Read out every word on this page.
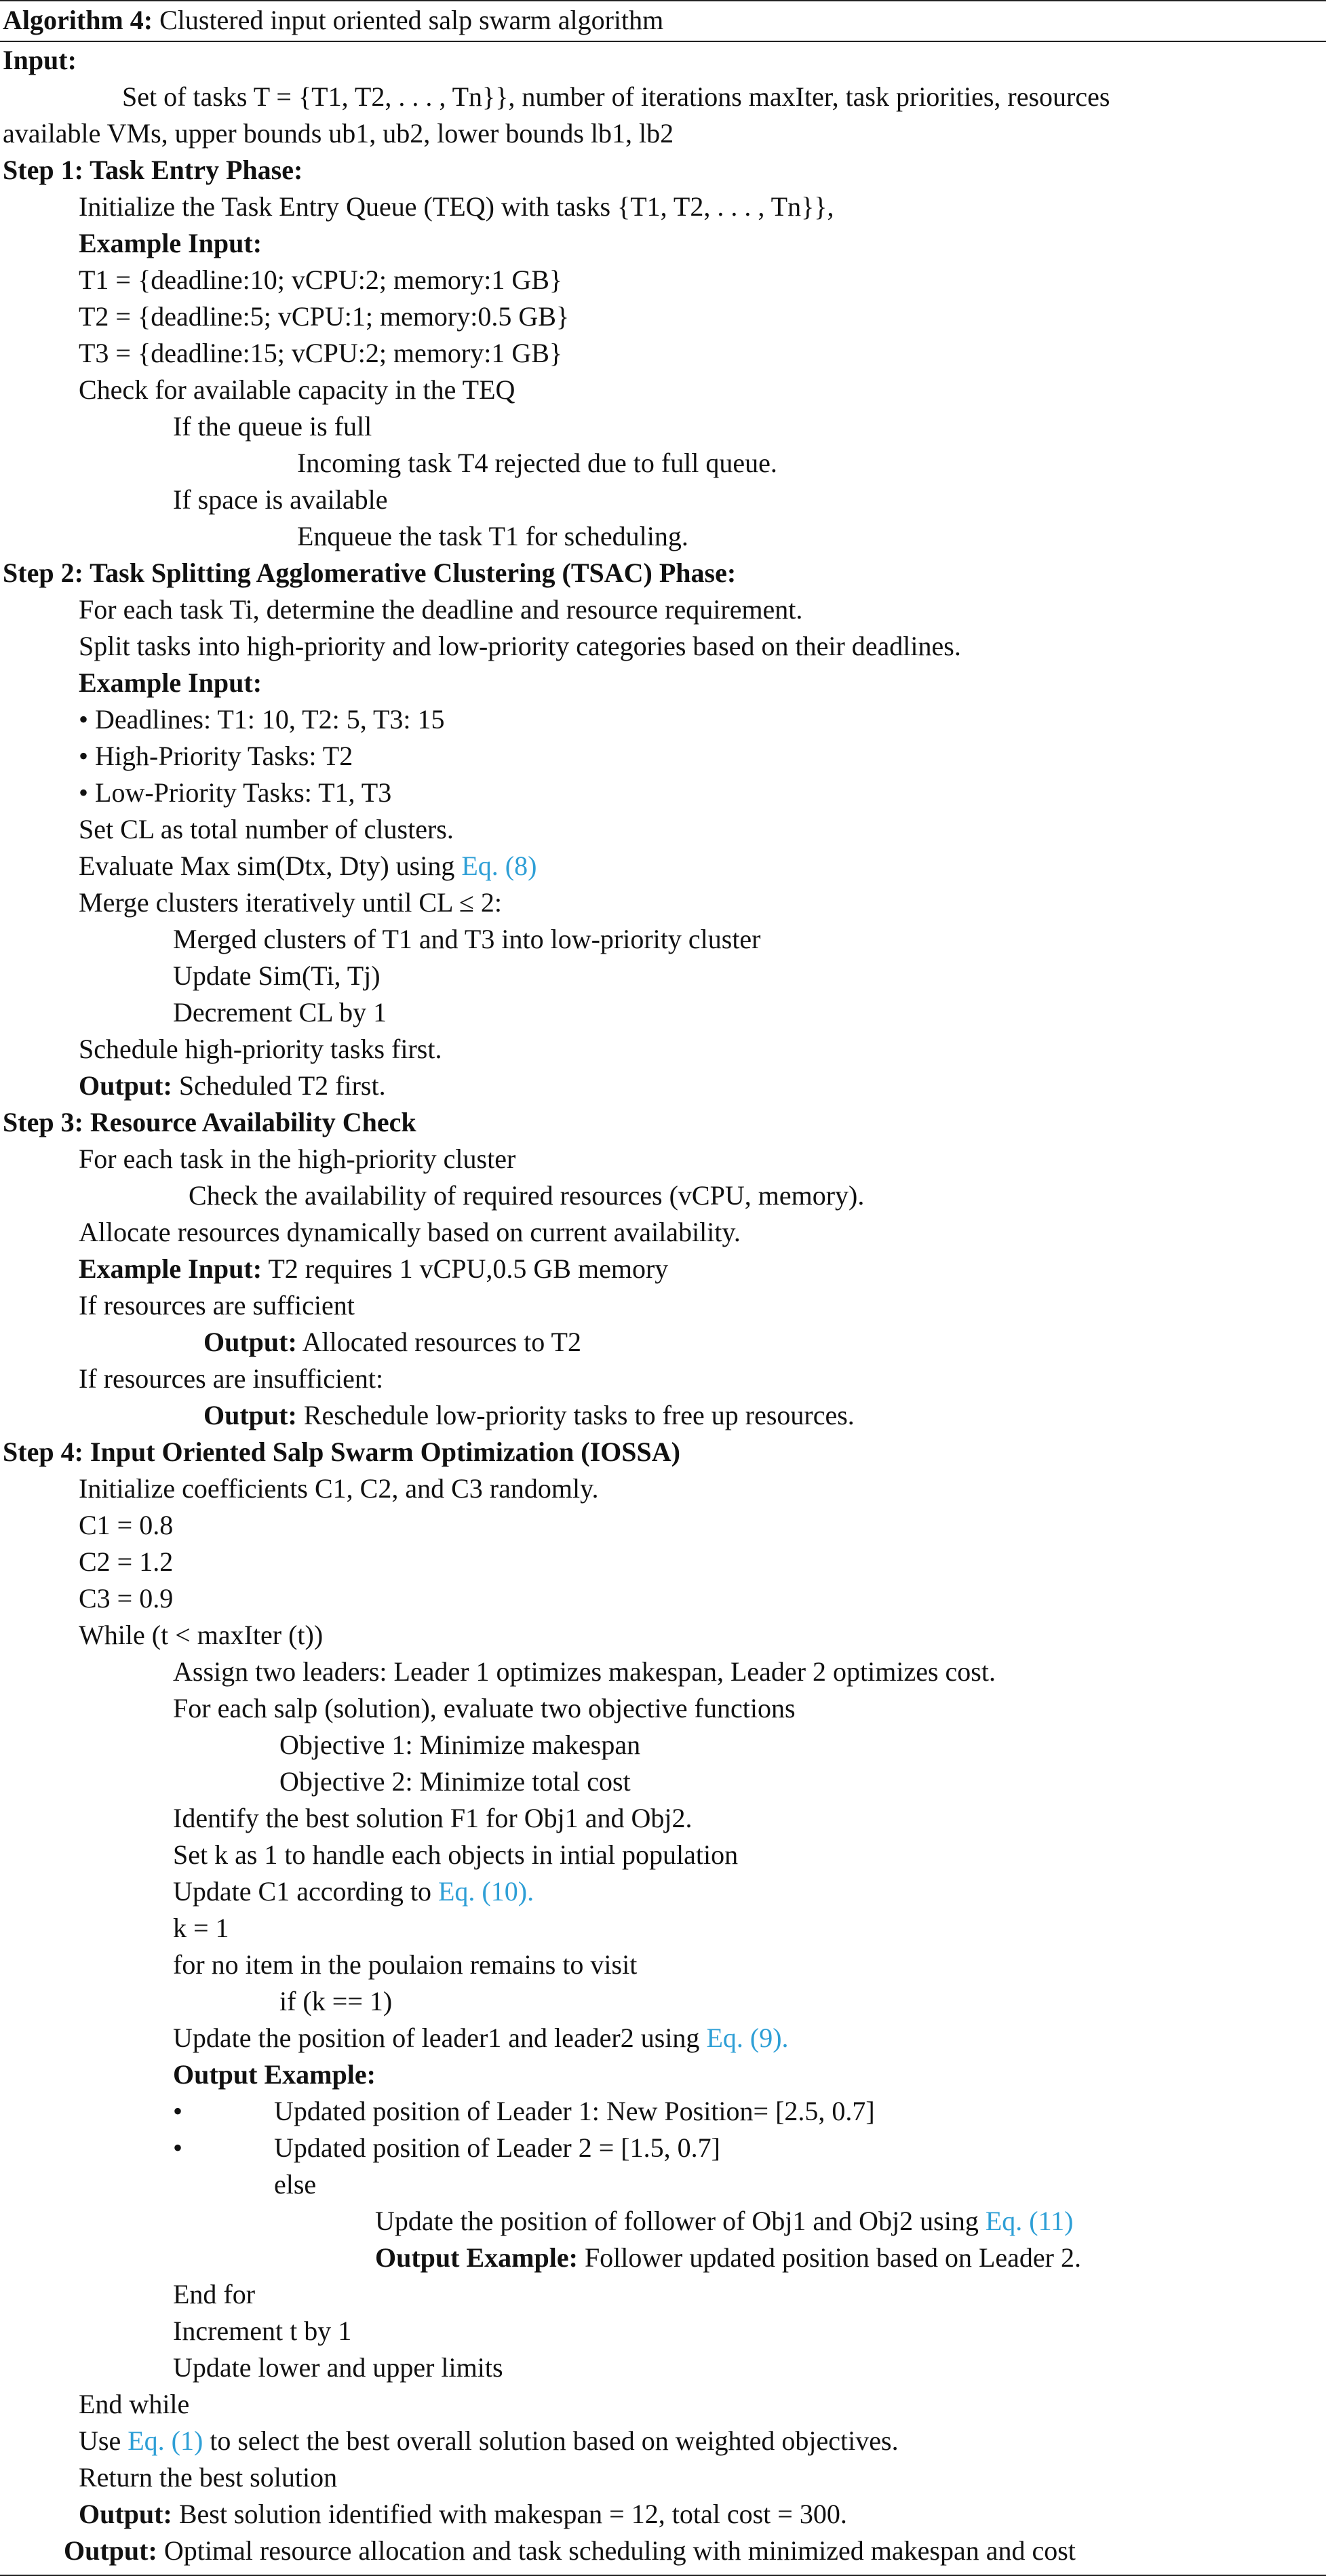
Algorithm 4: Clustered input oriented salp swarm algorithm
Input:
Set of tasks T = {T1, T2, . . . , Tn}}, number of iterations maxIter, task priorities, resources
available VMs, upper bounds ub1, ub2, lower bounds lb1, lb2
Step 1: Task Entry Phase:
Initialize the Task Entry Queue (TEQ) with tasks {T1, T2, . . . , Tn}},
Example Input:
T1 = {deadline:10; vCPU:2; memory:1 GB}
T2 = {deadline:5; vCPU:1; memory:0.5 GB}
T3 = {deadline:15; vCPU:2; memory:1 GB}
Check for available capacity in the TEQ
If the queue is full
Incoming task T4 rejected due to full queue.
If space is available
Enqueue the task T1 for scheduling.
Step 2: Task Splitting Agglomerative Clustering (TSAC) Phase:
For each task Ti, determine the deadline and resource requirement.
Split tasks into high-priority and low-priority categories based on their deadlines.
Example Input:
• Deadlines: T1: 10, T2: 5, T3: 15
• High-Priority Tasks: T2
• Low-Priority Tasks: T1, T3
Set CL as total number of clusters.
Evaluate Max sim(Dtx, Dty) using Eq. (8)
Merge clusters iteratively until CL ≤ 2:
Merged clusters of T1 and T3 into low-priority cluster
Update Sim(Ti, Tj)
Decrement CL by 1
Schedule high-priority tasks first.
Output: Scheduled T2 first.
Step 3: Resource Availability Check
For each task in the high-priority cluster
Check the availability of required resources (vCPU, memory).
Allocate resources dynamically based on current availability.
Example Input: T2 requires 1 vCPU,0.5 GB memory
If resources are sufficient
Output: Allocated resources to T2
If resources are insufficient:
Output: Reschedule low-priority tasks to free up resources.
Step 4: Input Oriented Salp Swarm Optimization (IOSSA)
Initialize coefficients C1, C2, and C3 randomly.
C1 = 0.8
C2 = 1.2
C3 = 0.9
While (t < maxIter (t))
Assign two leaders: Leader 1 optimizes makespan, Leader 2 optimizes cost.
For each salp (solution), evaluate two objective functions
Objective 1: Minimize makespan
Objective 2: Minimize total cost
Identify the best solution F1 for Obj1 and Obj2.
Set k as 1 to handle each objects in intial population
Update C1 according to Eq. (10).
k = 1
for no item in the poulaion remains to visit
if (k == 1)
Update the position of leader1 and leader2 using Eq. (9).
Output Example:
•	Updated position of Leader 1: New Position= [2.5, 0.7]
•	Updated position of Leader 2 = [1.5, 0.7]
else
Update the position of follower of Obj1 and Obj2 using Eq. (11)
Output Example: Follower updated position based on Leader 2.
End for
Increment t by 1
Update lower and upper limits
End while
Use Eq. (1) to select the best overall solution based on weighted objectives.
Return the best solution
Output: Best solution identified with makespan = 12, total cost = 300.
Output: Optimal resource allocation and task scheduling with minimized makespan and cost
